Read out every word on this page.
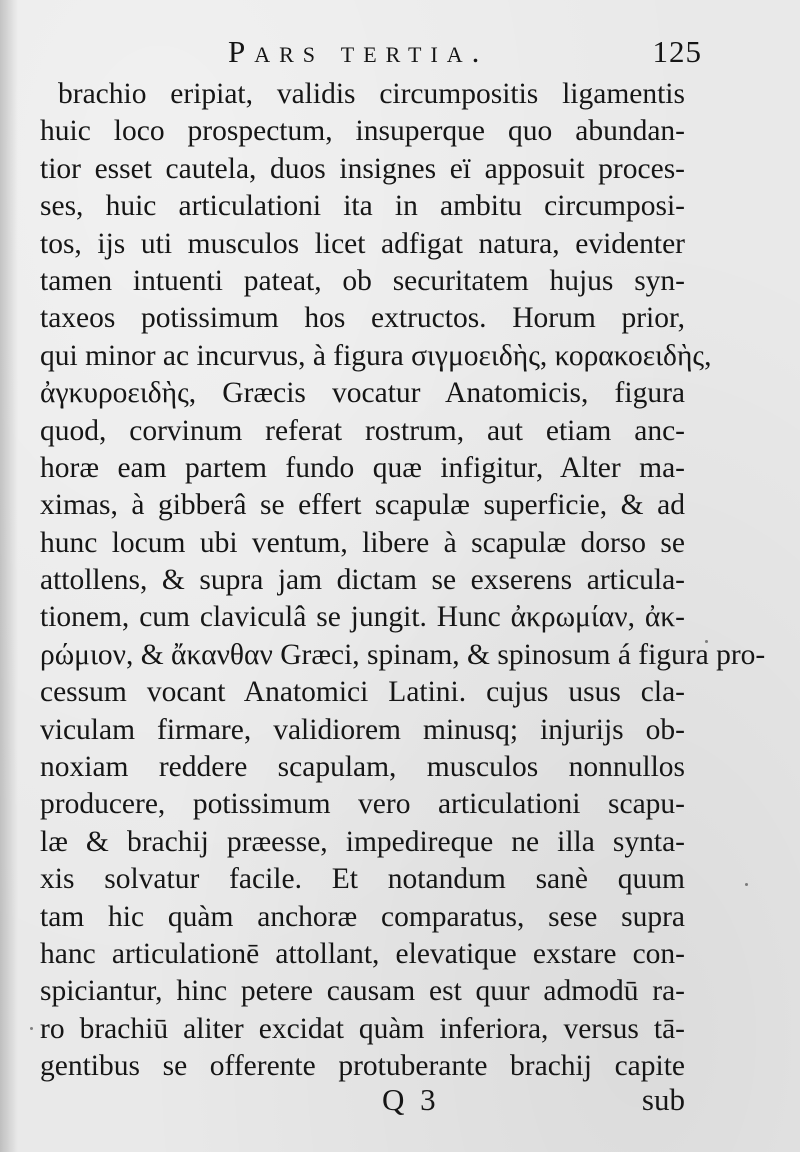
Pars tertia.	125
brachio eripiat, validis circumpositis ligamentis
huic loco prospectum, insuperque quo abundan-
tior esset cautela, duos insignes eï apposuit proces-
ses, huic articulationi ita in ambitu circumposi-
tos, ijs uti musculos licet adfigat natura, evidenter
tamen intuenti pateat, ob securitatem hujus syn-
taxeos potissimum hos extructos. Horum prior,
qui minor ac incurvus, à figura σιγμοειδὴς, κορακοειδὴς,
ἀγκυροειδὴς, Græcis vocatur Anatomicis, figura
quod, corvinum referat rostrum, aut etiam anc-
horæ eam partem fundo quæ infigitur, Alter ma-
ximas, à gibberâ se effert scapulæ superficie, & ad
hunc locum ubi ventum, libere à scapulæ dorso se
attollens, & supra jam dictam se exserens articula-
tionem, cum claviculâ se jungit. Hunc ἀκρωμίαν, ἀκ-
ρώμιον, & ἄκανθαν Græci, spinam, & spinosum á figura pro-
cessum vocant Anatomici Latini. cujus usus cla-
viculam firmare, validiorem minusq; injurijs ob-
noxiam reddere scapulam, musculos nonnullos
producere, potissimum vero articulationi scapu-
læ & brachij præesse, impedireque ne illa synta-
xis solvatur facile. Et notandum sanè quum
tam hic quàm anchoræ comparatus, sese supra
hanc articulationē attollant, elevatique exstare con-
spiciantur, hinc petere causam est quur admodū ra-
ro brachiū aliter excidat quàm inferiora, versus tā-
gentibus se offerente protuberante brachij capite
Q 3	sub
